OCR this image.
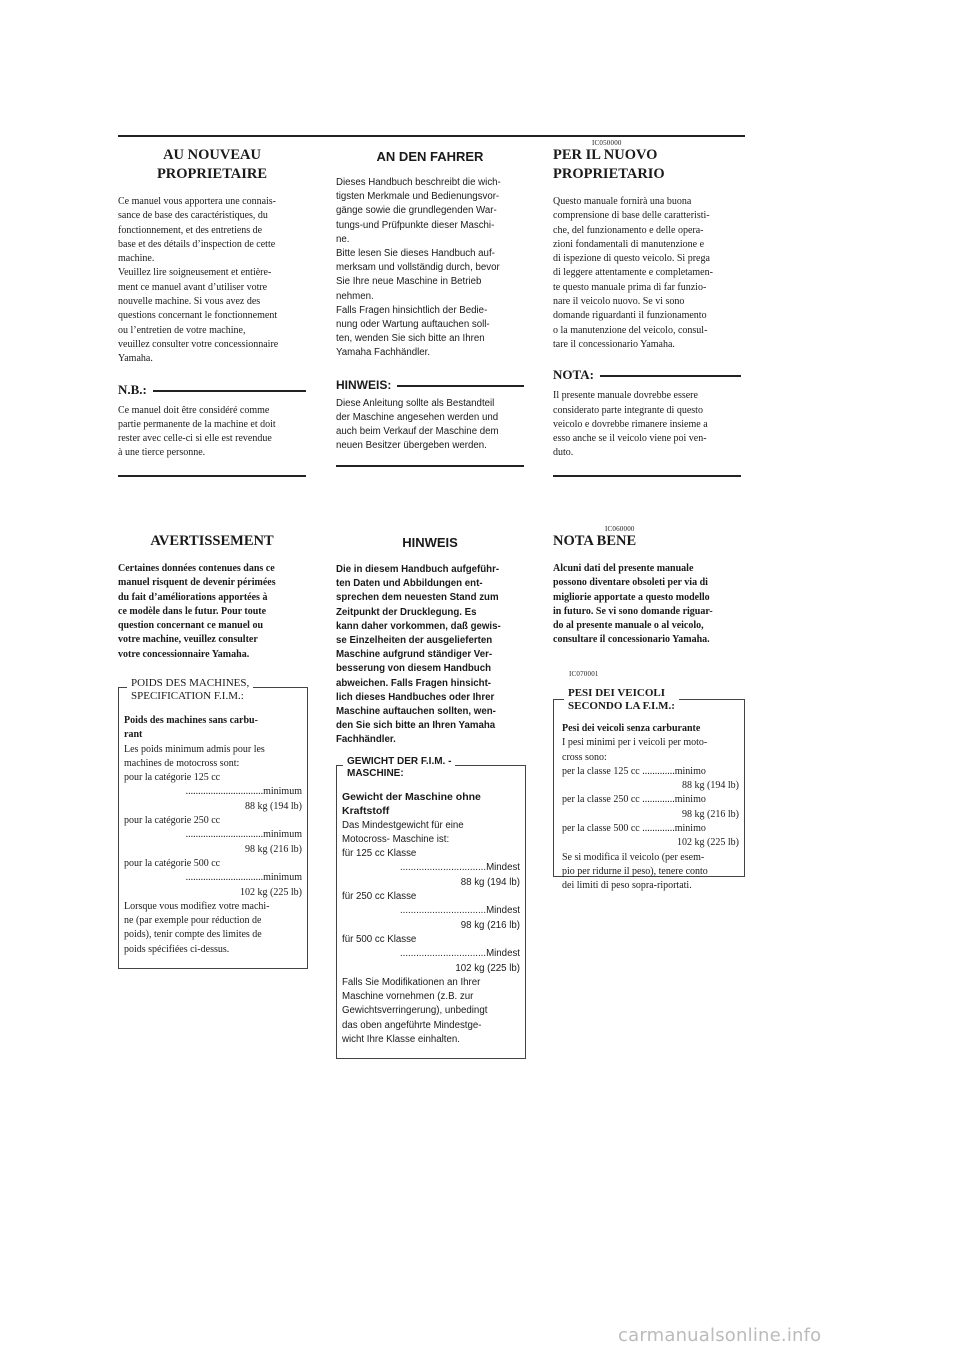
IC050000
AU NOUVEAU
PROPRIETAIRE

Ce manuel vous apportera une connais-
sance de base des caractéristiques, du
fonctionnement, et des entretiens de
base et des détails d’inspection de cette
machine.
Veuillez lire soigneusement et entière-
ment ce manuel avant d’utiliser votre
nouvelle machine. Si vous avez des
questions concernant le fonctionnement
ou l’entretien de votre machine,
veuillez consulter votre concessionnaire
Yamaha.

N.B.:

Ce manuel doit être considéré comme
partie permanente de la machine et doit
rester avec celle-ci si elle est revendue
à une tierce personne.

AN DEN FAHRER

Dieses Handbuch beschreibt die wich-
tigsten Merkmale und Bedienungsvor-
gänge sowie die grundlegenden War-
tungs-und Prüfpunkte dieser Maschi-
ne.
Bitte lesen Sie dieses Handbuch auf-
merksam und vollständig durch, bevor
Sie Ihre neue Maschine in Betrieb
nehmen.
Falls Fragen hinsichtlich der Bedie-
nung oder Wartung auftauchen soll-
ten, wenden Sie sich bitte an Ihren
Yamaha Fachhändler.

HINWEIS:

Diese Anleitung sollte als Bestandteil
der Maschine angesehen werden und
auch beim Verkauf der Maschine dem
neuen Besitzer übergeben werden.

PER IL NUOVO
PROPRIETARIO

Questo manuale fornirà una buona
comprensione di base delle caratteristi-
che, del funzionamento e delle opera-
zioni fondamentali di manutenzione e
di ispezione di questo veicolo. Si prega
di leggere attentamente e completamen-
te questo manuale prima di far funzio-
nare il veicolo nuovo. Se vi sono
domande riguardanti il funzionamento
o la manutenzione del veicolo, consul-
tare il concessionario Yamaha.

NOTA:

Il presente manuale dovrebbe essere
considerato parte integrante di questo
veicolo e dovrebbe rimanere insieme a
esso anche se il veicolo viene poi ven-
duto.

IC060000
AVERTISSEMENT

Certaines données contenues dans ce
manuel risquent de devenir périmées
du fait d’améliorations apportées à
ce modèle dans le futur. Pour toute
question concernant ce manuel ou
votre machine, veuillez consulter
votre concessionnaire Yamaha.

HINWEIS

Die in diesem Handbuch aufgeführ-
ten Daten und Abbildungen ent-
sprechen dem neuesten Stand zum
Zeitpunkt der Drucklegung. Es
kann daher vorkommen, daß gewis-
se Einzelheiten der ausgelieferten
Maschine aufgrund ständiger Ver-
besserung von diesem Handbuch
abweichen. Falls Fragen hinsicht-
lich dieses Handbuches oder Ihrer
Maschine auftauchen sollten, wen-
den Sie sich bitte an Ihren Yamaha
Fachhändler.

NOTA BENE

Alcuni dati del presente manuale
possono diventare obsoleti per via di
migliorie apportate a questo modello
in futuro. Se vi sono domande riguar-
do al presente manuale o al veicolo,
consultare il concessionario Yamaha.

IC070001
POIDS DES MACHINES,
SPECIFICATION F.I.M.:
Poids des machines sans carbu-
rant
Les poids minimum admis pour les
machines de motocross sont:
pour la catégorie 125 cc
...............................minimum
88 kg (194 lb)
pour la catégorie 250 cc
...............................minimum
98 kg (216 lb)
pour la catégorie 500 cc
...............................minimum
102 kg (225 lb)
Lorsque vous modifiez votre machi-
ne (par exemple pour réduction de
poids), tenir compte des limites de
poids spécifiées ci-dessus.
GEWICHT DER F.I.M. -
MASCHINE:
Gewicht der Maschine ohne
Kraftstoff
Das Mindestgewicht für eine
Motocross- Maschine ist:
für 125 cc Klasse
................................Mindest
88 kg (194 lb)
für 250 cc Klasse
................................Mindest
98 kg (216 lb)
für 500 cc Klasse
................................Mindest
102 kg (225 lb)
Falls Sie Modifikationen an Ihrer
Maschine vornehmen (z.B. zur
Gewichtsverringerung), unbedingt
das oben angeführte Mindestge-
wicht Ihre Klasse einhalten.
PESI DEI VEICOLI
SECONDO LA F.I.M.:
Pesi dei veicoli senza carburante
I pesi minimi per i veicoli per moto-
cross sono:
per la classe 125 cc .............minimo
88 kg (194 lb)
per la classe 250 cc .............minimo
98 kg (216 lb)
per la classe 500 cc .............minimo
102 kg (225 lb)
Se si modifica il veicolo (per esem-
pio per ridurne il peso), tenere conto
dei limiti di peso sopra-riportati.
carmanualsonline.info
